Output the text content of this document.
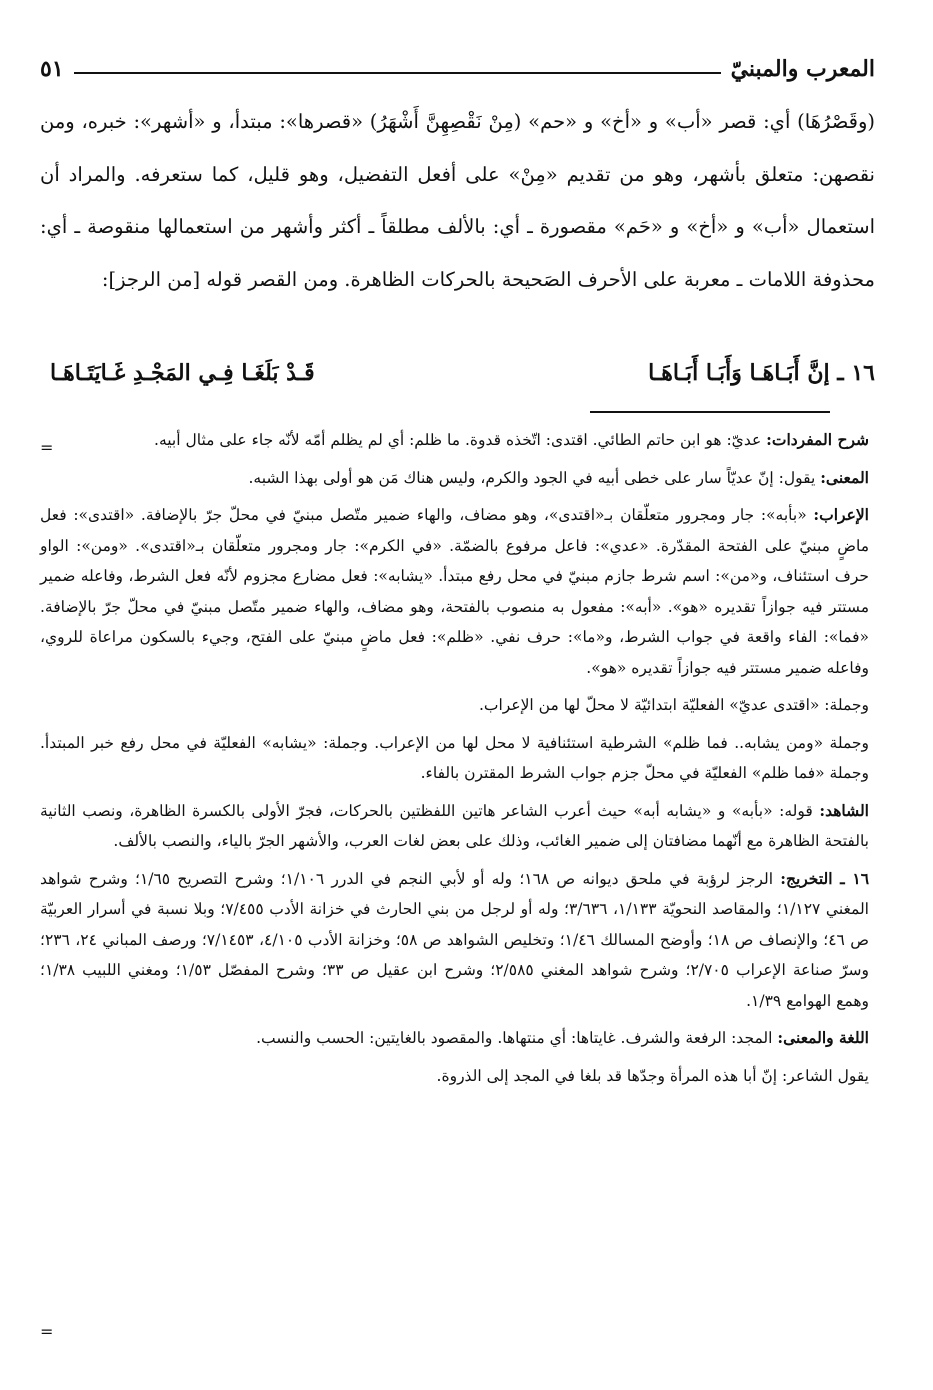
المعرب والمبنيّ
٥١

(وقَصْرُهَا) أي: قصر «أب» و «أخ» و «حم» (مِنْ نَقْصِهِنَّ أَشْهَرُ) «قصرها»: مبتدأ، و «أشهر»: خبره، ومن نقصهن: متعلق بأشهر، وهو من تقديم «مِنْ» على أفعل التفضيل، وهو قليل، كما ستعرفه. والمراد أن استعمال «أب» و «أخ» و «حَم» مقصورة ـ أي: بالألف مطلقاً ـ أكثر وأشهر من استعمالها منقوصة ـ أي: محذوفة اللامات ـ معربة على الأحرف الصَحيحة بالحركات الظاهرة. ومن القصر قوله [من الرجز]:

١٦ ـ إنَّ أَبَـاهَـا وَأَبَـا أَبَـاهَـا
قَـدْ بَلَغَـا فِـي المَجْـدِ غَـايَتَـاهَـا
=	شرح المفردات: عديّ: هو ابن حاتم الطائي. اقتدى: اتّخذه قدوة. ما ظلم: أي لم يظلم أمّه لأنّه جاء على مثال أبيه.

المعنى: يقول: إنّ عديّاً سار على خطى أبيه في الجود والكرم، وليس هناك مَن هو أولى بهذا الشبه.

الإعراب: «بأبه»: جار ومجرور متعلّقان بـ«اقتدى»، وهو مضاف، والهاء ضمير متّصل مبنيّ في محلّ جرّ بالإضافة. «اقتدى»: فعل ماضٍ مبنيّ على الفتحة المقدّرة. «عدي»: فاعل مرفوع بالضمّة. «في الكرم»: جار ومجرور متعلّقان بـ«اقتدى». «ومن»: الواو حرف استئناف، و«من»: اسم شرط جازم مبنيّ في محل رفع مبتدأ. «يشابه»: فعل مضارع مجزوم لأنّه فعل الشرط، وفاعله ضمير مستتر فيه جوازاً تقديره «هو». «أبه»: مفعول به منصوب بالفتحة، وهو مضاف، والهاء ضمير متّصل مبنيّ في محلّ جرّ بالإضافة. «فما»: الفاء واقعة في جواب الشرط، و«ما»: حرف نفي. «ظلم»: فعل ماضٍ مبنيّ على الفتح، وجيء بالسكون مراعاة للروي، وفاعله ضمير مستتر فيه جوازاً تقديره «هو».

وجملة: «اقتدى عديّ» الفعليّة ابتدائيّة لا محلّ لها من الإعراب.

وجملة «ومن يشابه.. فما ظلم» الشرطية استئنافية لا محل لها من الإعراب. وجملة: «يشابه» الفعليّة في محل رفع خبر المبتدأ. وجملة «فما ظلم» الفعليّة في محلّ جزم جواب الشرط المقترن بالفاء.

الشاهد: قوله: «بأبه» و «يشابه أبه» حيث أعرب الشاعر هاتين اللفظتين بالحركات، فجرّ الأولى بالكسرة الظاهرة، ونصب الثانية بالفتحة الظاهرة مع أنّهما مضافتان إلى ضمير الغائب، وذلك على بعض لغات العرب، والأشهر الجرّ بالياء، والنصب بالألف.

١٦ ـ التخريج: الرجز لرؤبة في ملحق ديوانه ص ١٦٨؛ وله أو لأبي النجم في الدرر ١/١٠٦؛ وشرح التصريح ١/٦٥؛ وشرح شواهد المغني ١/١٢٧؛ والمقاصد النحويّة ١/١٣٣، ٣/٦٣٦؛ وله أو لرجل من بني الحارث في خزانة الأدب ٧/٤٥٥؛ وبلا نسبة في أسرار العربيّة ص ٤٦؛ والإنصاف ص ١٨؛ وأوضح المسالك ١/٤٦؛ وتخليص الشواهد ص ٥٨؛ وخزانة الأدب ٤/١٠٥، ٧/١٤٥٣؛ ورصف المباني ٢٤، ٢٣٦؛ وسرّ صناعة الإعراب ٢/٧٠٥؛ وشرح شواهد المغني ٢/٥٨٥؛ وشرح ابن عقيل ص ٣٣؛ وشرح المفصّل ١/٥٣؛ ومغني اللبيب ١/٣٨؛ وهمع الهوامع ١/٣٩.

اللغة والمعنى: المجد: الرفعة والشرف. غايتاها: أي منتهاها. والمقصود بالغايتين: الحسب والنسب.

يقول الشاعر: إنّ أبا هذه المرأة وجدّها قد بلغا في المجد إلى الذروة.

=
